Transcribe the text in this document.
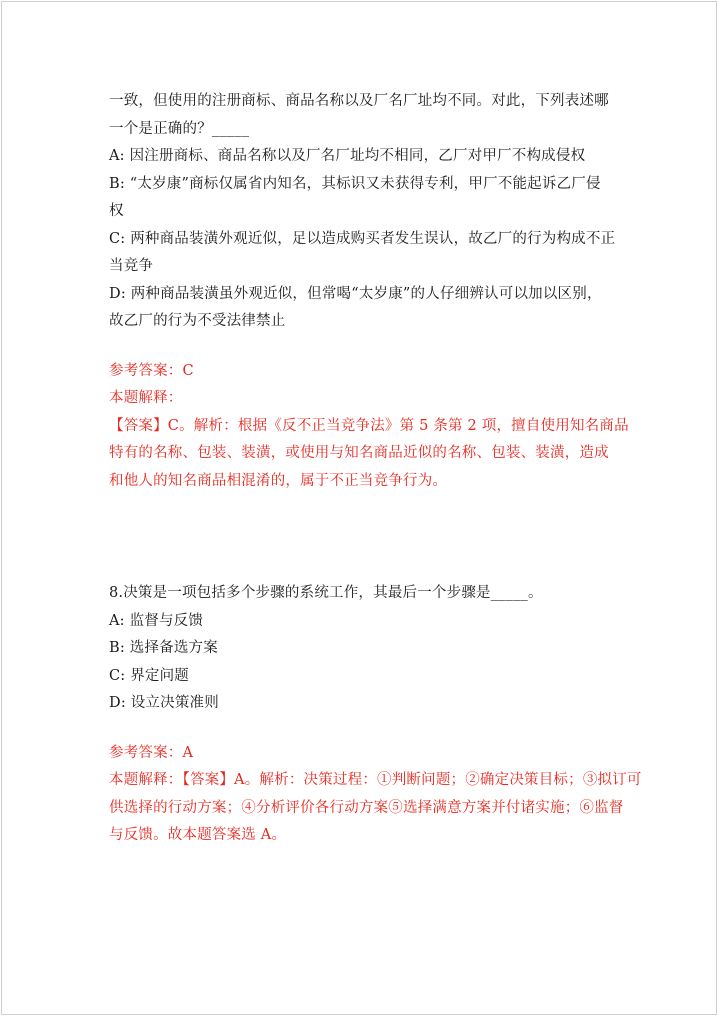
一致，但使用的注册商标、商品名称以及厂名厂址均不同。对此，下列表述哪
一个是正确的？_____
A: 因注册商标、商品名称以及厂名厂址均不相同，乙厂对甲厂不构成侵权
B: “太岁康”商标仅属省内知名，其标识又未获得专利，甲厂不能起诉乙厂侵
权
C: 两种商品装潢外观近似，足以造成购买者发生误认，故乙厂的行为构成不正
当竞争
D: 两种商品装潢虽外观近似，但常喝“太岁康”的人仔细辨认可以加以区别，
故乙厂的行为不受法律禁止
参考答案：C
本题解释：
【答案】C。解析：根据《反不正当竞争法》第 5 条第 2 项，擅自使用知名商品
特有的名称、包装、装潢，或使用与知名商品近似的名称、包装、装潢，造成
和他人的知名商品相混淆的，属于不正当竞争行为。
8.决策是一项包括多个步骤的系统工作，其最后一个步骤是_____。
A: 监督与反馈
B: 选择备选方案
C: 界定问题
D: 设立决策准则
参考答案：A
本题解释：【答案】A。解析：决策过程：①判断问题；②确定决策目标；③拟订可
供选择的行动方案；④分析评价各行动方案⑤选择满意方案并付诸实施；⑥监督
与反馈。故本题答案选 A。
